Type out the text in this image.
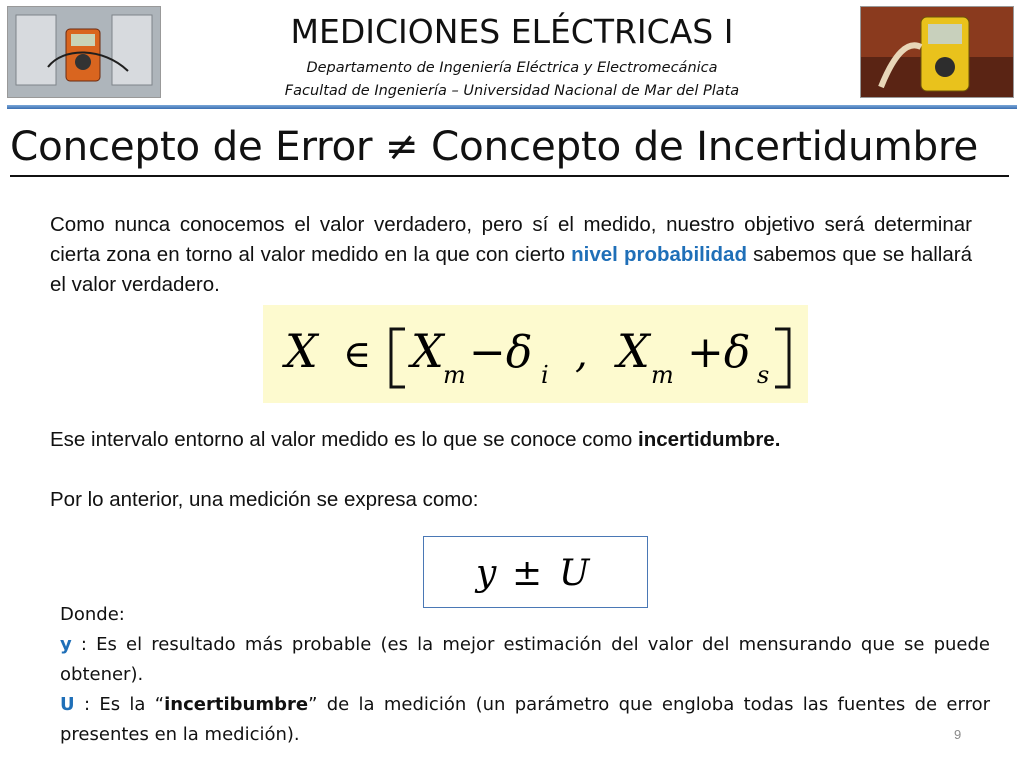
MEDICIONES ELÉCTRICAS I
Departamento de Ingeniería Eléctrica y Electromecánica
Facultad de Ingeniería – Universidad Nacional de Mar del Plata
Concepto de Error ≠ Concepto de Incertidumbre
Como nunca conocemos el valor verdadero, pero sí el medido, nuestro objetivo será determinar cierta zona en torno al valor medido en la que con cierto nivel probabilidad sabemos que se hallará el valor verdadero.
X ∈ X m −δ i , X m +δ s
Ese intervalo entorno al valor medido es lo que se conoce como incertidumbre.
Por lo anterior, una medición se expresa como:
y ± U
Donde:
y : Es el resultado más probable (es la mejor estimación del valor del mensurando que se puede obtener).
U : Es la “incertibumbre” de la medición (un parámetro que engloba todas las fuentes de error presentes en la medición).	9
